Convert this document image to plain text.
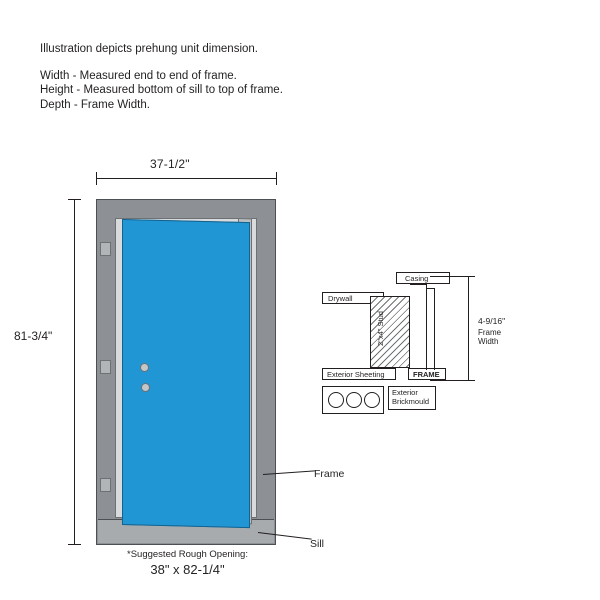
Illustration depicts prehung unit dimension.

Width - Measured end to end of frame.

Height - Measured bottom of sill to top of frame.

Depth - Frame Width.

37-1/2"
81-3/4"
Frame
Sill
*Suggested Rough Opening:
38" x 82-1/4"
Casing
Drywall
2"x4" Stud
Exterior Sheeting	FRAME
Exterior
Brickmould
4-9/16"
Frame
Width
